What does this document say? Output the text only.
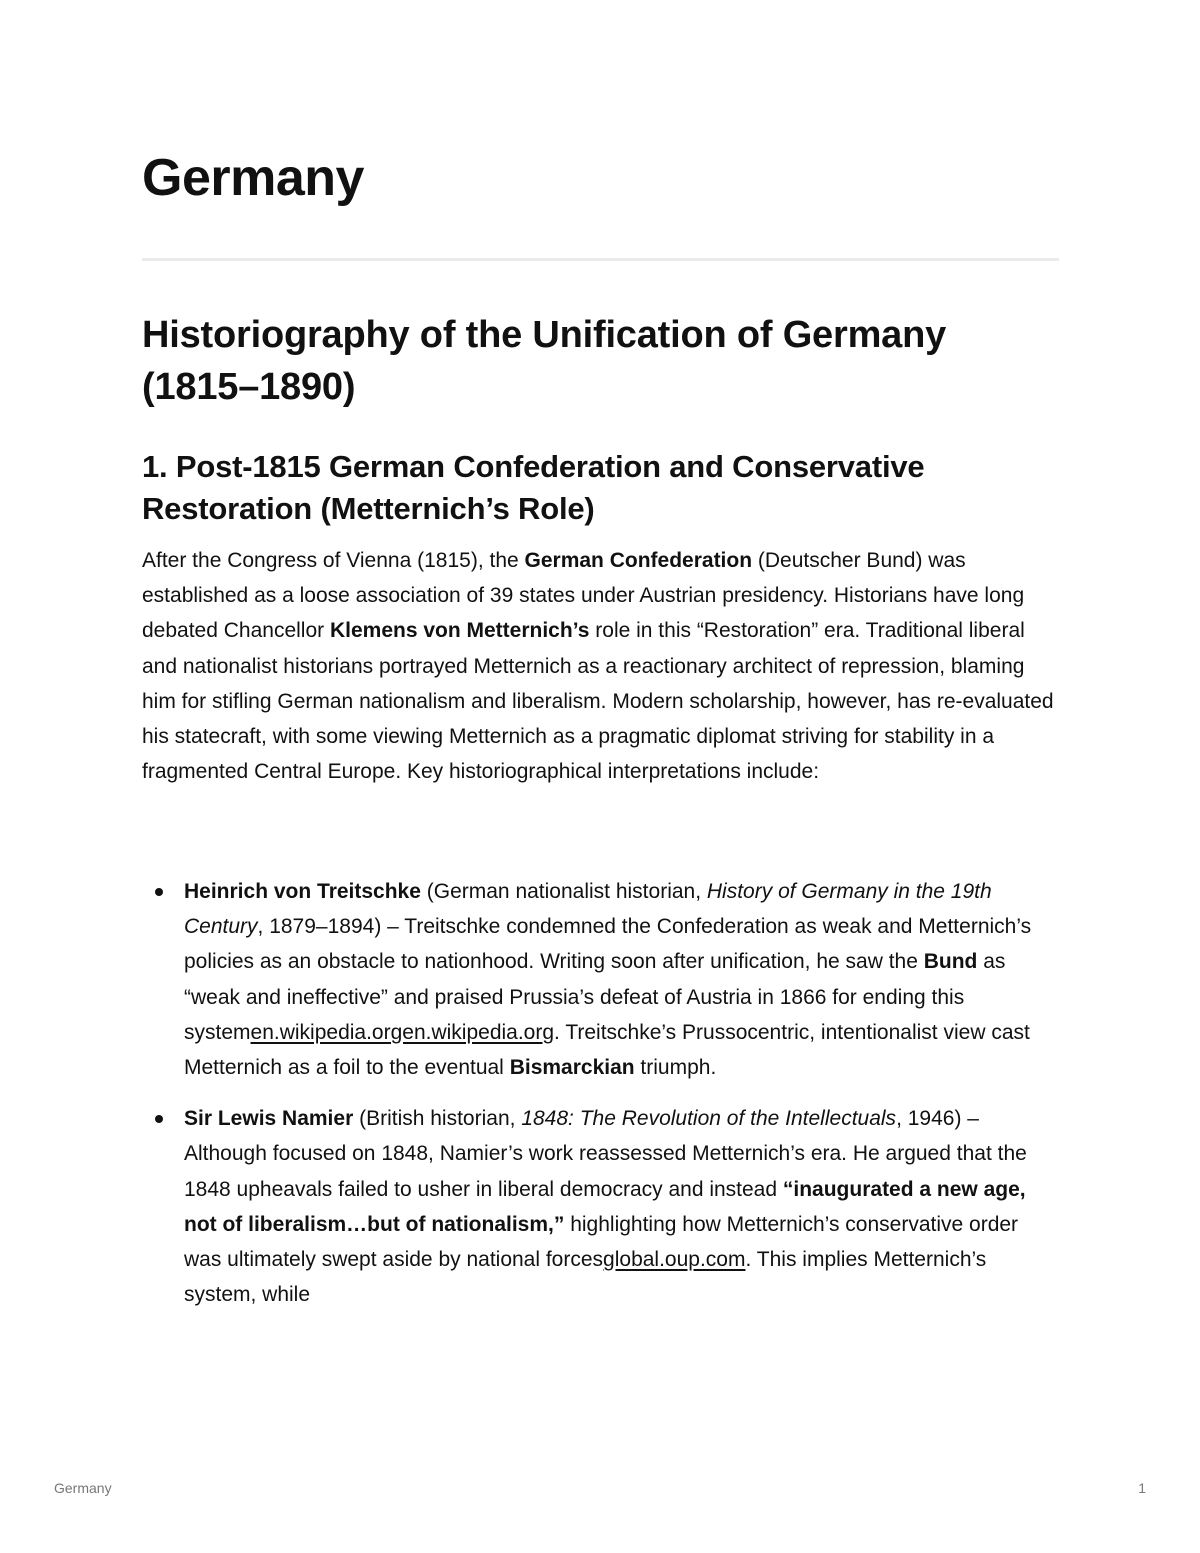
Germany
Historiography of the Unification of Germany (1815–1890)
1. Post-1815 German Confederation and Conservative Restoration (Metternich’s Role)

After the Congress of Vienna (1815), the German Confederation (Deutscher Bund) was established as a loose association of 39 states under Austrian presidency. Historians have long debated Chancellor Klemens von Metternich’s role in this “Restoration” era. Traditional liberal and nationalist historians portrayed Metternich as a reactionary architect of repression, blaming him for stifling German nationalism and liberalism. Modern scholarship, however, has re-evaluated his statecraft, with some viewing Metternich as a pragmatic diplomat striving for stability in a fragmented Central Europe. Key historiographical interpretations include:

Heinrich von Treitschke (German nationalist historian, History of Germany in the 19th Century, 1879–1894) – Treitschke condemned the Confederation as weak and Metternich’s policies as an obstacle to nationhood. Writing soon after unification, he saw the Bund as “weak and ineffective” and praised Prussia’s defeat of Austria in 1866 for ending this systemen.wikipedia.orgen.wikipedia.org. Treitschke’s Prussocentric, intentionalist view cast Metternich as a foil to the eventual Bismarckian triumph.
Sir Lewis Namier (British historian, 1848: The Revolution of the Intellectuals, 1946) – Although focused on 1848, Namier’s work reassessed Metternich’s era. He argued that the 1848 upheavals failed to usher in liberal democracy and instead “inaugurated a new age, not of liberalism…but of nationalism,” highlighting how Metternich’s conservative order was ultimately swept aside by national forcesglobal.oup.com. This implies Metternich’s system, while
Germany	1
